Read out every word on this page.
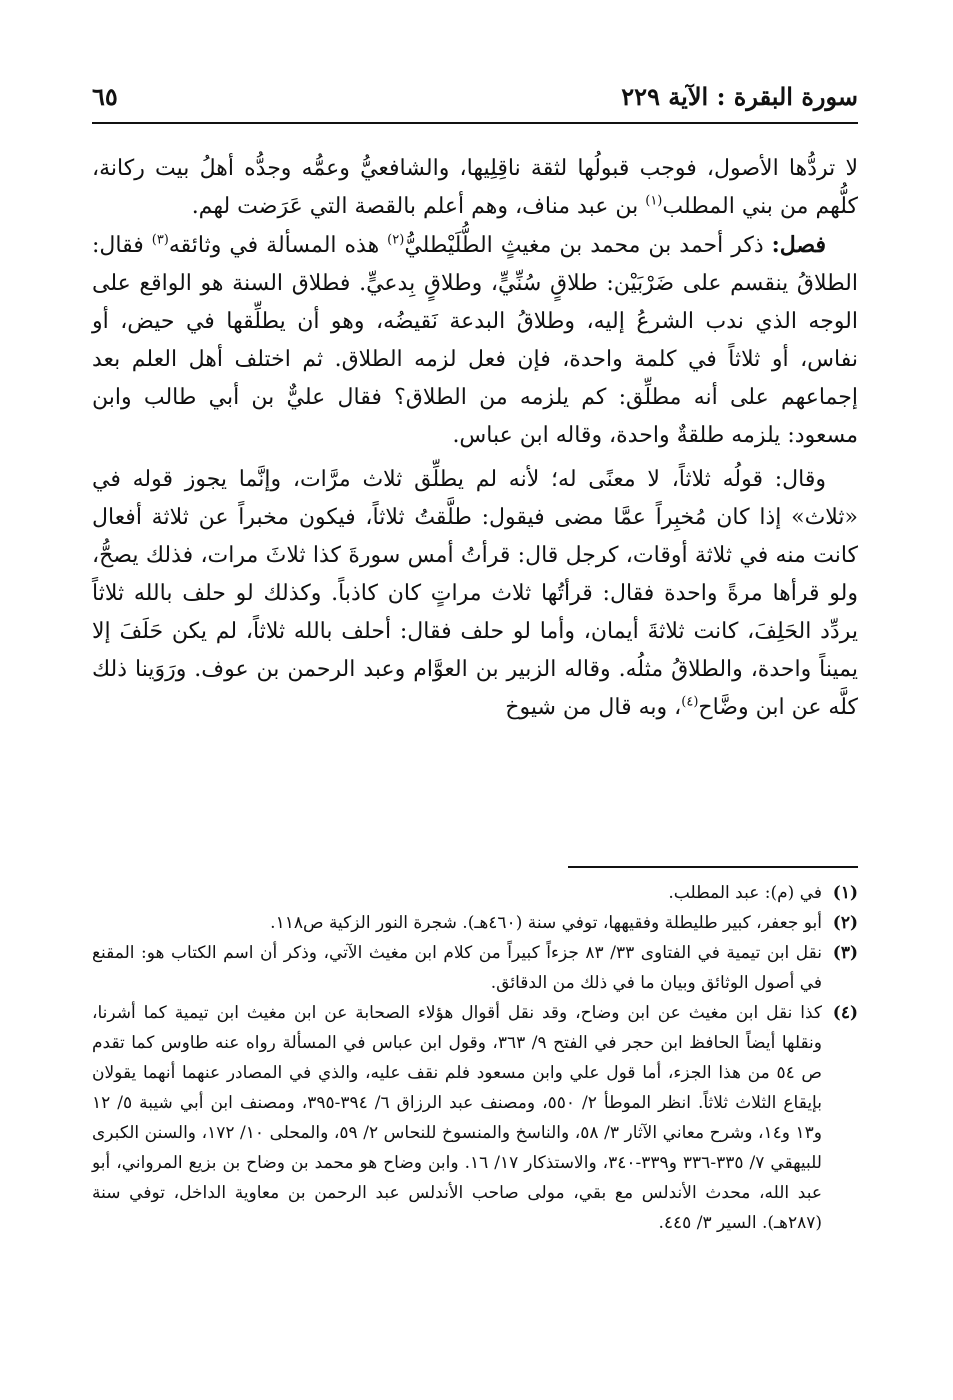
سورة البقرة : الآية ٢٢٩
٦٥

لا تردُّها الأصول، فوجب قبولُها لثقة ناقِلِيها، والشافعيُّ وعمُّه وجدُّه أهلُ بيت ركانة، كلُّهم من بني المطلب$^{(١)}$ بن عبد مناف، وهم أعلم بالقصة التي عَرَضت لهم.

فصل: ذكر أحمد بن محمد بن مغيثٍ الطُّلَيْطليُّ$^{(٢)}$ هذه المسألة في وثائقه$^{(٣)}$ فقال: الطلاقُ ينقسم على ضَرْبَيْن: طلاقٍ سُنِّيٍّ، وطلاقٍ بِدعيٍّ. فطلاق السنة هو الواقع على الوجه الذي ندب الشرعُ إليه، وطلاقُ البدعة نَقيضُه، وهو أن يطلِّقها في حيض، أو نفاس، أو ثلاثاً في كلمة واحدة، فإن فعل لزمه الطلاق. ثم اختلف أهل العلم بعد إجماعهم على أنه مطلِّق: كم يلزمه من الطلاق؟ فقال عليٌّ بن أبي طالب وابن مسعود: يلزمه طلقةٌ واحدة، وقاله ابن عباس.

وقال: قولُه ثلاثاً، لا معنًى له؛ لأنه لم يطلِّق ثلاث مرَّات، وإنَّما يجوز قوله في «ثلاث» إذا كان مُخبِراً عمَّا مضى فيقول: طلَّقتُ ثلاثاً، فيكون مخبراً عن ثلاثة أفعال كانت منه في ثلاثة أوقات، كرجل قال: قرأتُ أمس سورةَ كذا ثلاثَ مرات، فذلك يصحُّ، ولو قرأها مرةً واحدة فقال: قرأتُها ثلاث مراتٍ كان كاذباً. وكذلك لو حلف بالله ثلاثاً يردِّد الحَلِفَ، كانت ثلاثةَ أيمان، وأما لو حلف فقال: أحلف بالله ثلاثاً، لم يكن حَلَفَ إلا يميناً واحدة، والطلاقُ مثلُه. وقاله الزبير بن العوَّام وعبد الرحمن بن عوف. ورَوَينا ذلك كلَّه عن ابن وضَّاح$^{(٤)}$، وبه قال من شيوخ

(١)
في (م): عبد المطلب.
(٢)
أبو جعفر، كبير طليطلة وفقيهها، توفي سنة (٤٦٠هـ). شجرة النور الزكية ص١١٨.
(٣)
نقل ابن تيمية في الفتاوى ٣٣/ ٨٣ جزءاً كبيراً من كلام ابن مغيث الآتي، وذكر أن اسم الكتاب هو: المقنع في أصول الوثائق وبيان ما في ذلك من الدقائق.
(٤)
كذا نقل ابن مغيث عن ابن وضاح، وقد نقل أقوال هؤلاء الصحابة عن ابن مغيث ابن تيمية كما أشرنا، ونقلها أيضاً الحافظ ابن حجر في الفتح ٩/ ٣٦٣، وقول ابن عباس في المسألة رواه عنه طاوس كما تقدم ص ٥٤ من هذا الجزء، أما قول علي وابن مسعود فلم نقف عليه، والذي في المصادر عنهما أنهما يقولان بإيقاع الثلاث ثلاثاً. انظر الموطأ ٢/ ٥٥٠، ومصنف عبد الرزاق ٦/ ٣٩٤-٣٩٥، ومصنف ابن أبي شيبة ٥/ ١٢ و١٣ و١٤، وشرح معاني الآثار ٣/ ٥٨، والناسخ والمنسوخ للنحاس ٢/ ٥٩، والمحلى ١٠/ ١٧٢، والسنن الكبرى للبيهقي ٧/ ٣٣٥-٣٣٦ و٣٣٩-٣٤٠، والاستذكار ١٧/ ١٦. وابن وضاح هو محمد بن وضاح بن بزيع المرواني، أبو عبد الله، محدث الأندلس مع بقي، مولى صاحب الأندلس عبد الرحمن بن معاوية الداخل، توفي سنة (٢٨٧هـ). السير ٣/ ٤٤٥.
